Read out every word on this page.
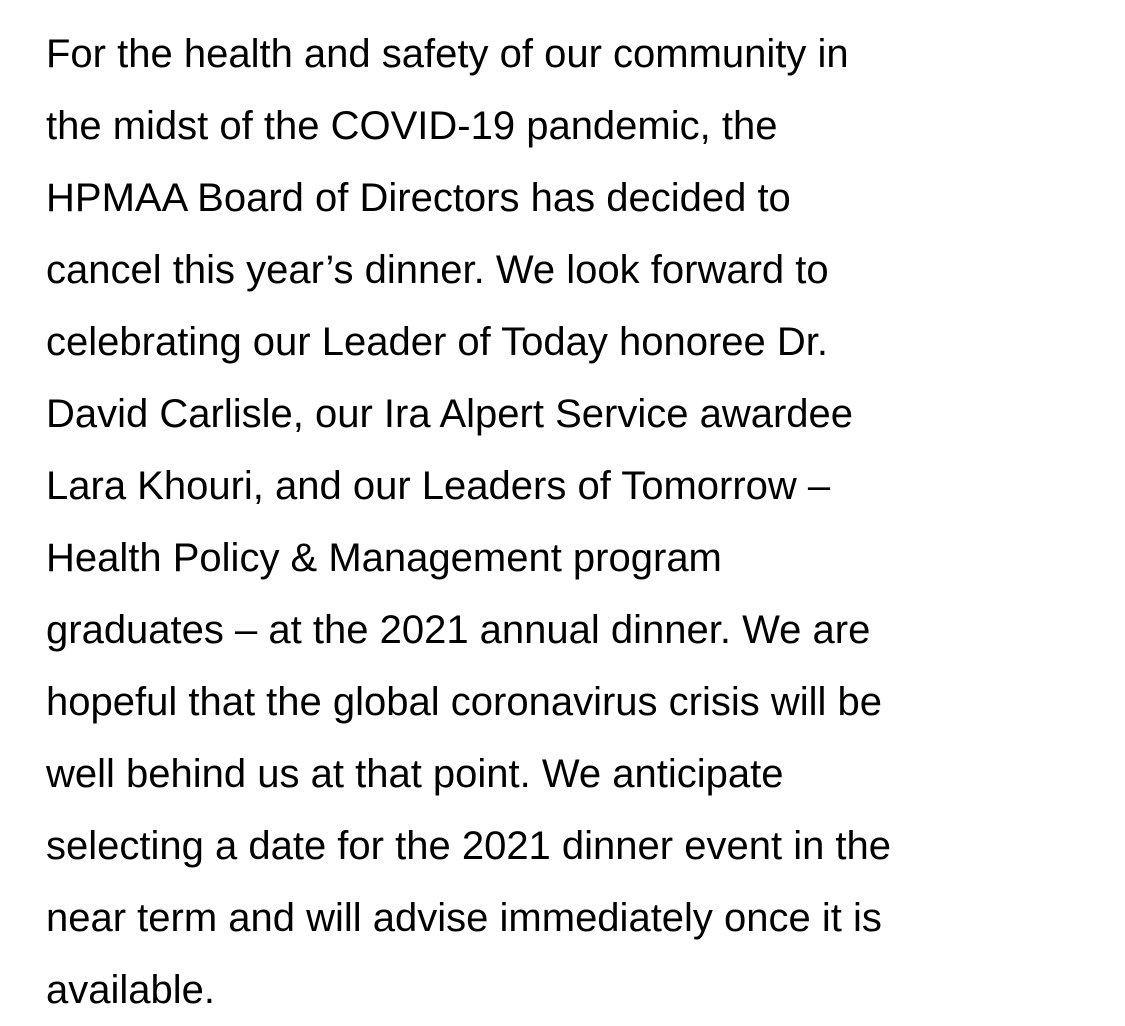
For the health and safety of our community in
the midst of the COVID-19 pandemic, the
HPMAA Board of Directors has decided to
cancel this year’s dinner. We look forward to
celebrating our Leader of Today honoree Dr.
David Carlisle, our Ira Alpert Service awardee
Lara Khouri, and our Leaders of Tomorrow –
Health Policy & Management program
graduates – at the 2021 annual dinner. We are
hopeful that the global coronavirus crisis will be
well behind us at that point. We anticipate
selecting a date for the 2021 dinner event in the
near term and will advise immediately once it is
available.
